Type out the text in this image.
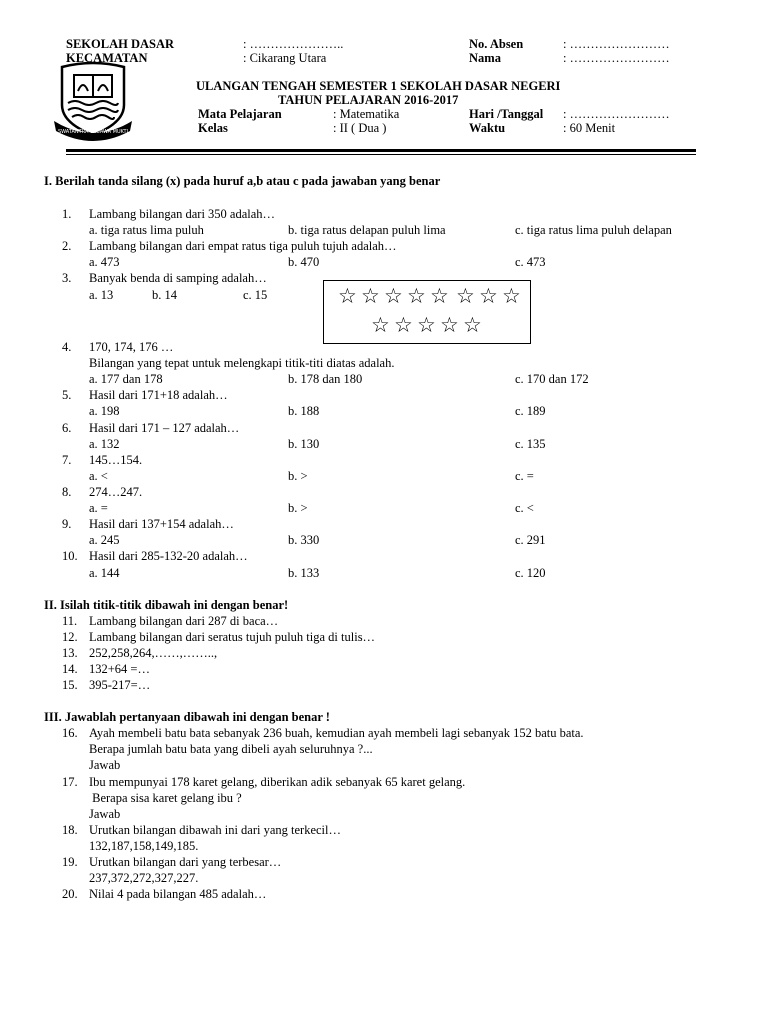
SEKOLAH DASAR	: …………………..	No. Absen	: ……………………
KECAMATAN	: Cikarang Utara	Nama	: ……………………
SWATANTRA WIBAWA MUKTI
ULANGAN TENGAH SEMESTER 1 SEKOLAH DASAR NEGERI
TAHUN PELAJARAN 2016-2017
Mata Pelajaran	: Matematika	Hari /Tanggal : ……………………
Kelas	: II ( Dua )	Waktu	: 60 Menit
I. Berilah tanda silang (x) pada huruf a,b atau c pada jawaban yang benar
1. Lambang bilangan dari 350 adalah…
a. tiga ratus lima puluh	b. tiga ratus delapan puluh lima	c. tiga ratus lima puluh delapan
2. Lambang bilangan dari empat ratus tiga puluh tujuh adalah…
a. 473	b. 470	c. 473
3. Banyak benda di samping adalah…
a. 13	b. 14	c. 15	☆ ☆ ☆ ☆ ☆ ☆ ☆ ☆
☆ ☆ ☆ ☆ ☆
4. 170, 174, 176 …
Bilangan yang tepat untuk melengkapi titik-titi diatas adalah.
a. 177 dan 178	b. 178 dan 180	c. 170 dan 172
5. Hasil dari 171+18 adalah…
a. 198	b. 188	c. 189
6. Hasil dari 171 – 127 adalah…
a. 132	b. 130	c. 135
7. 145…154.
a. <	b. >	c. =
8. 274…247.
a. =	b. >	c. <
9. Hasil dari 137+154 adalah…
a. 245	b. 330	c. 291
10. Hasil dari 285-132-20 adalah…
a. 144	b. 133	c. 120
II. Isilah titik-titik dibawah ini dengan benar!
11. Lambang bilangan dari 287 di baca…
12. Lambang bilangan dari seratus tujuh puluh tiga di tulis…
13. 252,258,264,……,……..,
14. 132+64 =…
15. 395-217=…
III. Jawablah pertanyaan dibawah ini dengan benar !
16. Ayah membeli batu bata sebanyak 236 buah, kemudian ayah membeli lagi sebanyak 152 batu bata.
Berapa jumlah batu bata yang dibeli ayah seluruhnya ?...
Jawab
17. Ibu mempunyai 178 karet gelang, diberikan adik sebanyak 65 karet gelang.
Berapa sisa karet gelang ibu ?
Jawab
18. Urutkan bilangan dibawah ini dari yang terkecil…
132,187,158,149,185.
19. Urutkan bilangan dari yang terbesar…
237,372,272,327,227.
20. Nilai 4 pada bilangan 485 adalah…
